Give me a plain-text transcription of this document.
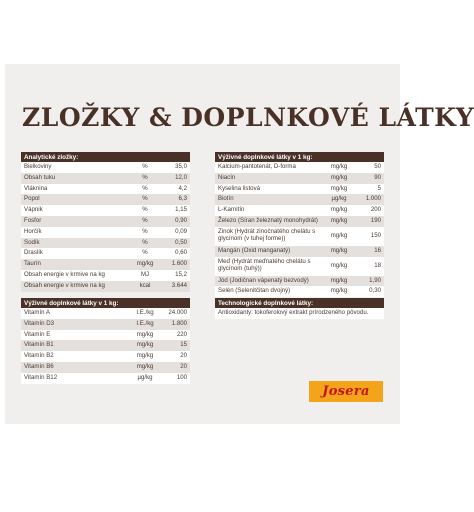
ZLOŽKY & DOPLNKOVÉ LÁTKY
Analytické zložky:		
Bielkoviny	%	35,0
Obsah tuku	%	12,0
Vláknina	%	4,2
Popol	%	6,3
Vápnik	%	1,15
Fosfor	%	0,90
Horčík	%	0,09
Sodík	%	0,50
Draslík	%	0,60
Taurín	mg/kg	1.600
Obsah energie v krmive na kg	MJ	15,2
Obsah energie v krmive na kg	kcal	3.644
Výživné doplnkové látky v 1 kg:		
Vitamín A	I.E./kg	24.000
Vitamín D3	I.E./kg	1.800
Vitamín E	mg/kg	220
Vitamín B1	mg/kg	15
Vitamín B2	mg/kg	20
Vitamín B6	mg/kg	20
Vitamín B12	µg/kg	100
Výživné doplnkové látky v 1 kg:		
Kalcium-pantotenát, D-forma	mg/kg	50
Niacín	mg/kg	90
Kyselina listová	mg/kg	5
Biotín	µg/kg	1.000
L-Karnitín	mg/kg	200
Železo (Síran železnatý monohydrát)	mg/kg	190
Zinok (Hydrát zinočnatého chelátu s glycínom (v tuhej forme))	mg/kg	150
Mangán (Oxid manganatý)	mg/kg	16
Meď (Hydrát meďnatého chelátu s glycínom (tuhý))	mg/kg	18
Jód (Jodičnan vápenatý bezvodý)	mg/kg	1,90
Selén (Selenitčitan dvojný)	mg/kg	0,30
Technologické doplnkové látky:
Antioxidanty: tokoferolový extrakt prírodzeného pôvodu.
Josera
